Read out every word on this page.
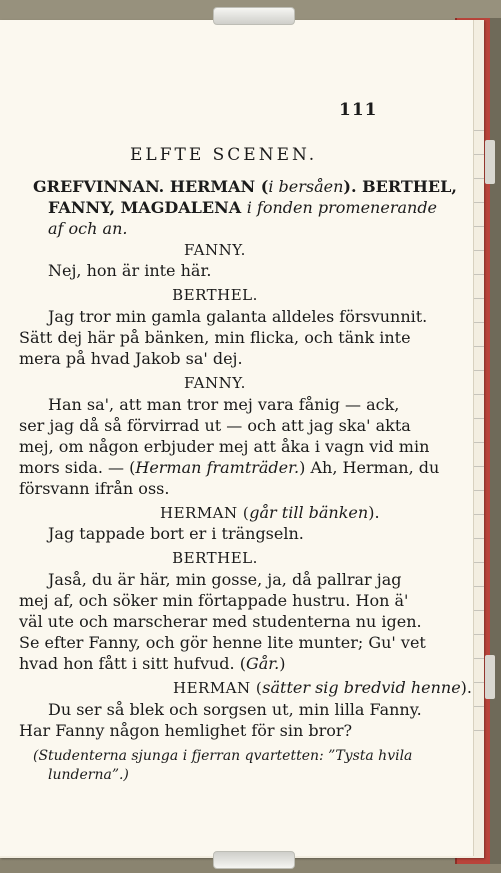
111
ELFTE SCENEN.
GREFVINNAN. HERMAN (i bersåen). BERTHEL,
FANNY, MAGDALENA i fonden promenerande
af och an.
FANNY.
Nej, hon är inte här.
BERTHEL.
Jag tror min gamla galanta alldeles försvunnit.
Sätt dej här på bänken, min flicka, och tänk inte
mera på hvad Jakob sa' dej.
FANNY.
Han sa', att man tror mej vara fånig — ack,
ser jag då så förvirrad ut — och att jag ska' akta
mej, om någon erbjuder mej att åka i vagn vid min
mors sida. — (Herman framträder.) Ah, Herman, du
försvann ifrån oss.
HERMAN (går till bänken).
Jag tappade bort er i trängseln.
BERTHEL.
Jaså, du är här, min gosse, ja, då pallrar jag
mej af, och söker min förtappade hustru. Hon ä'
väl ute och marscherar med studenterna nu igen.
Se efter Fanny, och gör henne lite munter; Gu' vet
hvad hon fått i sitt hufvud. (Går.)
HERMAN (sätter sig bredvid henne).
Du ser så blek och sorgsen ut, min lilla Fanny.
Har Fanny någon hemlighet för sin bror?
(Studenterna sjunga i fjerran qvartetten: ”Tysta hvila
lunderna”.)
